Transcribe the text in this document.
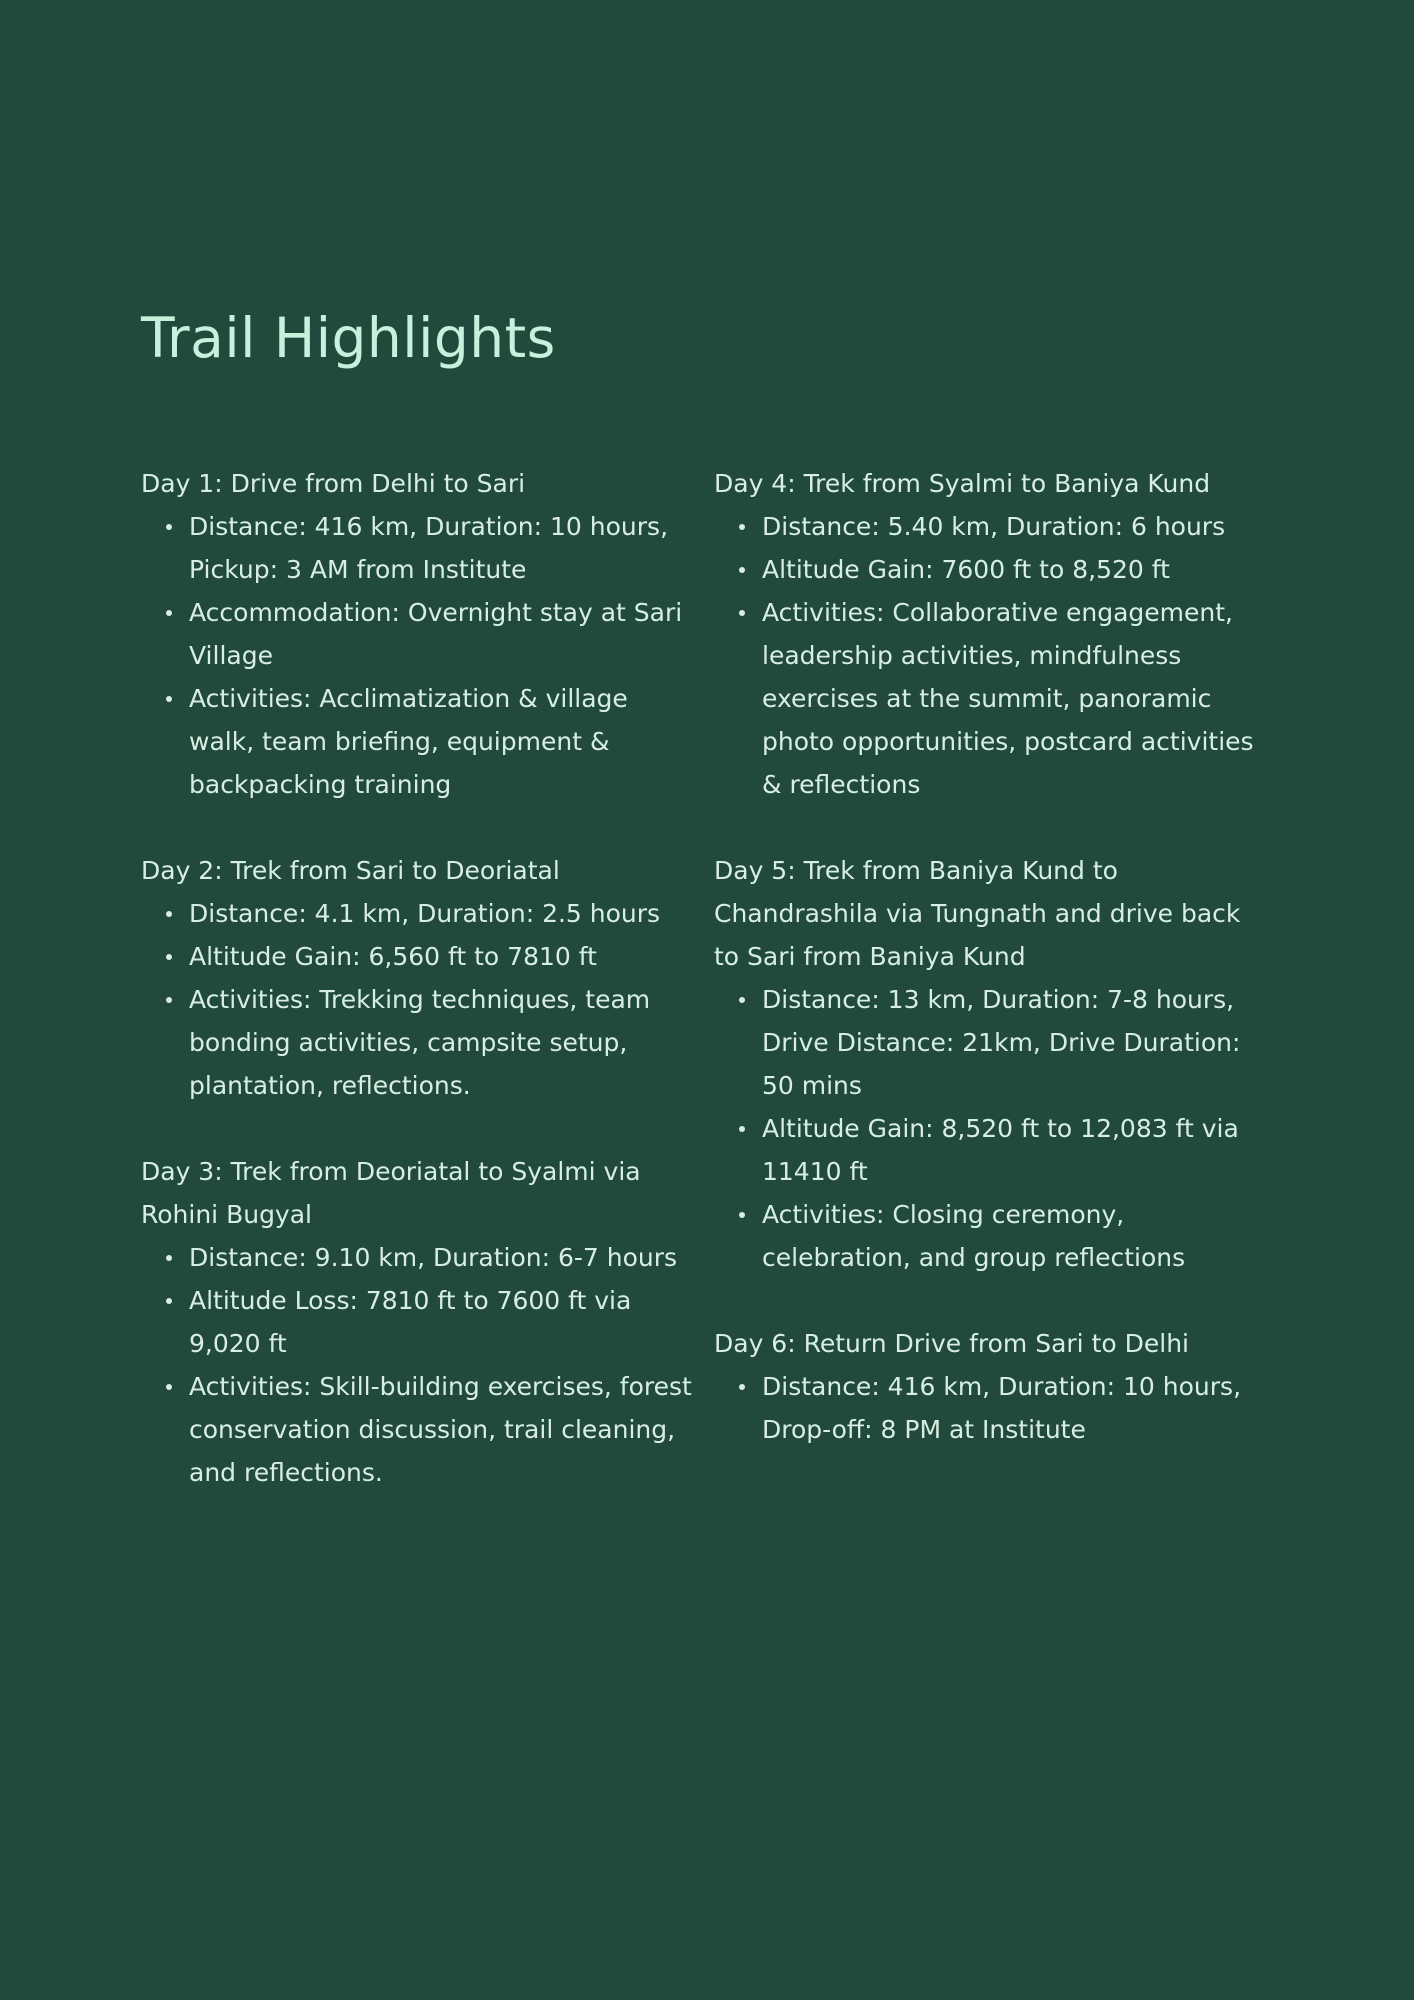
Trail Highlights
Day 1: Drive from Delhi to Sari
Distance: 416 km, Duration: 10 hours, Pickup: 3 AM from Institute
Accommodation: Overnight stay at Sari Village
Activities: Acclimatization & village walk, team briefing, equipment & backpacking training
Day 2: Trek from Sari to Deoriatal
Distance: 4.1 km, Duration: 2.5 hours
Altitude Gain: 6,560 ft to 7810 ft
Activities: Trekking techniques, team bonding activities, campsite setup, plantation, reflections.
Day 3: Trek from Deoriatal to Syalmi via Rohini Bugyal
Distance: 9.10 km, Duration: 6-7 hours
Altitude Loss: 7810 ft to 7600 ft via 9,020 ft
Activities: Skill-building exercises, forest conservation discussion, trail cleaning, and reflections.
Day 4: Trek from Syalmi to Baniya Kund
Distance: 5.40 km, Duration: 6 hours
Altitude Gain: 7600 ft to 8,520 ft
Activities: Collaborative engagement, leadership activities, mindfulness exercises at the summit, panoramic photo opportunities, postcard activities & reflections
Day 5: Trek from Baniya Kund to Chandrashila via Tungnath and drive back to Sari from Baniya Kund
Distance: 13 km, Duration: 7-8 hours, Drive Distance: 21km, Drive Duration: 50 mins
Altitude Gain: 8,520 ft to 12,083 ft via 11410 ft
Activities: Closing ceremony, celebration, and group reflections
Day 6: Return Drive from Sari to Delhi
Distance: 416 km, Duration: 10 hours, Drop-off: 8 PM at Institute
